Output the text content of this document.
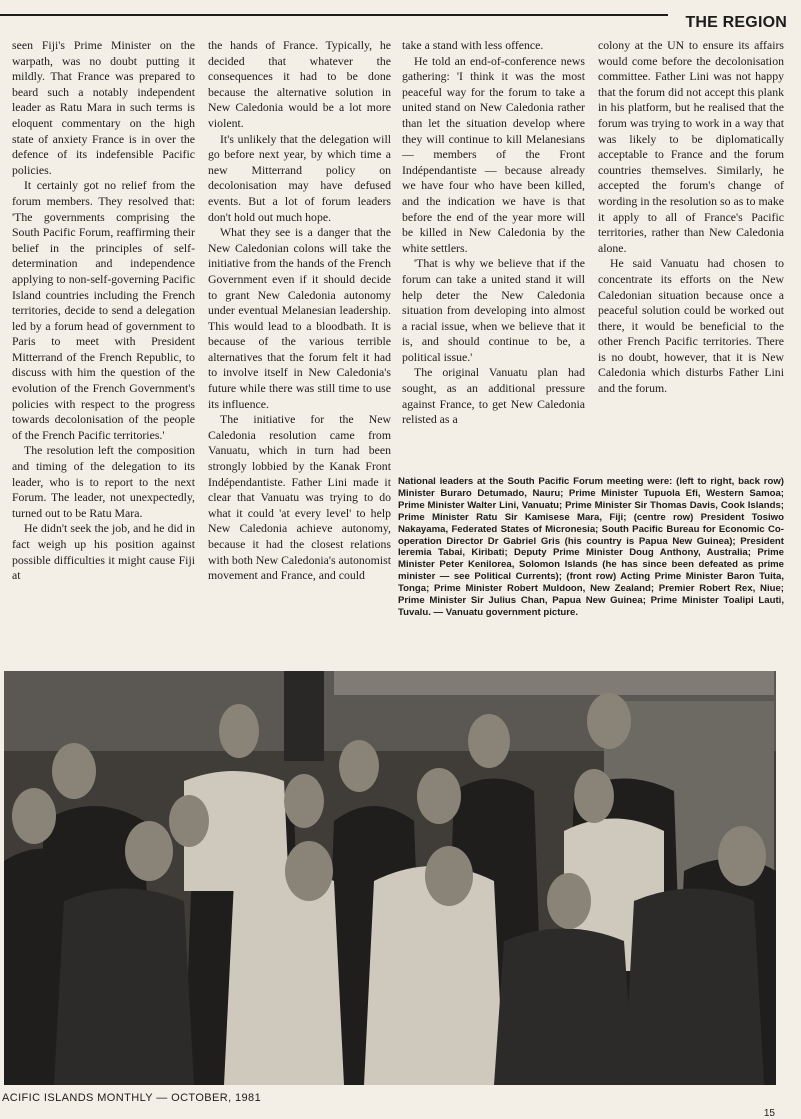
THE REGION

seen Fiji's Prime Minister on the warpath, was no doubt putting it mildly. That France was prepared to beard such a notably independent leader as Ratu Mara in such terms is eloquent commentary on the high state of anxiety France is in over the defence of its indefensible Pacific policies.

It certainly got no relief from the forum members. They resolved that: 'The governments comprising the South Pacific Forum, reaffirming their belief in the principles of self-determination and independence applying to non-self-governing Pacific Island countries including the French territories, decide to send a delegation led by a forum head of government to Paris to meet with President Mitterrand of the French Republic, to discuss with him the question of the evolution of the French Government's policies with respect to the progress towards decolonisation of the people of the French Pacific territories.'

The resolution left the composition and timing of the delegation to its leader, who is to report to the next Forum. The leader, not unexpectedly, turned out to be Ratu Mara.

He didn't seek the job, and he did in fact weigh up his position against possible difficulties it might cause Fiji at

the hands of France. Typically, he decided that whatever the consequences it had to be done because the alternative solution in New Caledonia would be a lot more violent.

It's unlikely that the delegation will go before next year, by which time a new Mitterrand policy on decolonisation may have defused events. But a lot of forum leaders don't hold out much hope.

What they see is a danger that the New Caledonian colons will take the initiative from the hands of the French Government even if it should decide to grant New Caledonia autonomy under eventual Melanesian leadership. This would lead to a bloodbath. It is because of the various terrible alternatives that the forum felt it had to involve itself in New Caledonia's future while there was still time to use its influence.

The initiative for the New Caledonia resolution came from Vanuatu, which in turn had been strongly lobbied by the Kanak Front Indépendantiste. Father Lini made it clear that Vanuatu was trying to do what it could 'at every level' to help New Caledonia achieve autonomy, because it had the closest relations with both New Caledonia's autonomist movement and France, and could

take a stand with less offence.

He told an end-of-conference news gathering: 'I think it was the most peaceful way for the forum to take a united stand on New Caledonia rather than let the situation develop where they will continue to kill Melanesians — members of the Front Indépendantiste — because already we have four who have been killed, and the indication we have is that before the end of the year more will be killed in New Caledonia by the white settlers.

'That is why we believe that if the forum can take a united stand it will help deter the New Caledonia situation from developing into almost a racial issue, when we believe that it is, and should continue to be, a political issue.'

The original Vanuatu plan had sought, as an additional pressure against France, to get New Caledonia relisted as a

colony at the UN to ensure its affairs would come before the decolonisation committee. Father Lini was not happy that the forum did not accept this plank in his platform, but he realised that the forum was trying to work in a way that was likely to be diplomatically acceptable to France and the forum countries themselves. Similarly, he accepted the forum's change of wording in the resolution so as to make it apply to all of France's Pacific territories, rather than New Caledonia alone.

He said Vanuatu had chosen to concentrate its efforts on the New Caledonian situation because once a peaceful solution could be worked out there, it would be beneficial to the other French Pacific territories. There is no doubt, however, that it is New Caledonia which disturbs Father Lini and the forum.

National leaders at the South Pacific Forum meeting were: (left to right, back row) Minister Buraro Detumado, Nauru; Prime Minister Tupuola Efi, Western Samoa; Prime Minister Walter Lini, Vanuatu; Prime Minister Sir Thomas Davis, Cook Islands; Prime Minister Ratu Sir Kamisese Mara, Fiji; (centre row) President Tosiwo Nakayama, Federated States of Micronesia; South Pacific Bureau for Economic Co-operation Director Dr Gabriel Gris (his country is Papua New Guinea); President Ieremia Tabai, Kiribati; Deputy Prime Minister Doug Anthony, Australia; Prime Minister Peter Kenilorea, Solomon Islands (he has since been defeated as prime minister — see Political Currents); (front row) Acting Prime Minister Baron Tuita, Tonga; Prime Minister Robert Muldoon, New Zealand; Premier Robert Rex, Niue; Prime Minister Sir Julius Chan, Papua New Guinea; Prime Minister Toalipi Lauti, Tuvalu. — Vanuatu government picture.

ACIFIC ISLANDS MONTHLY — OCTOBER, 1981

15
